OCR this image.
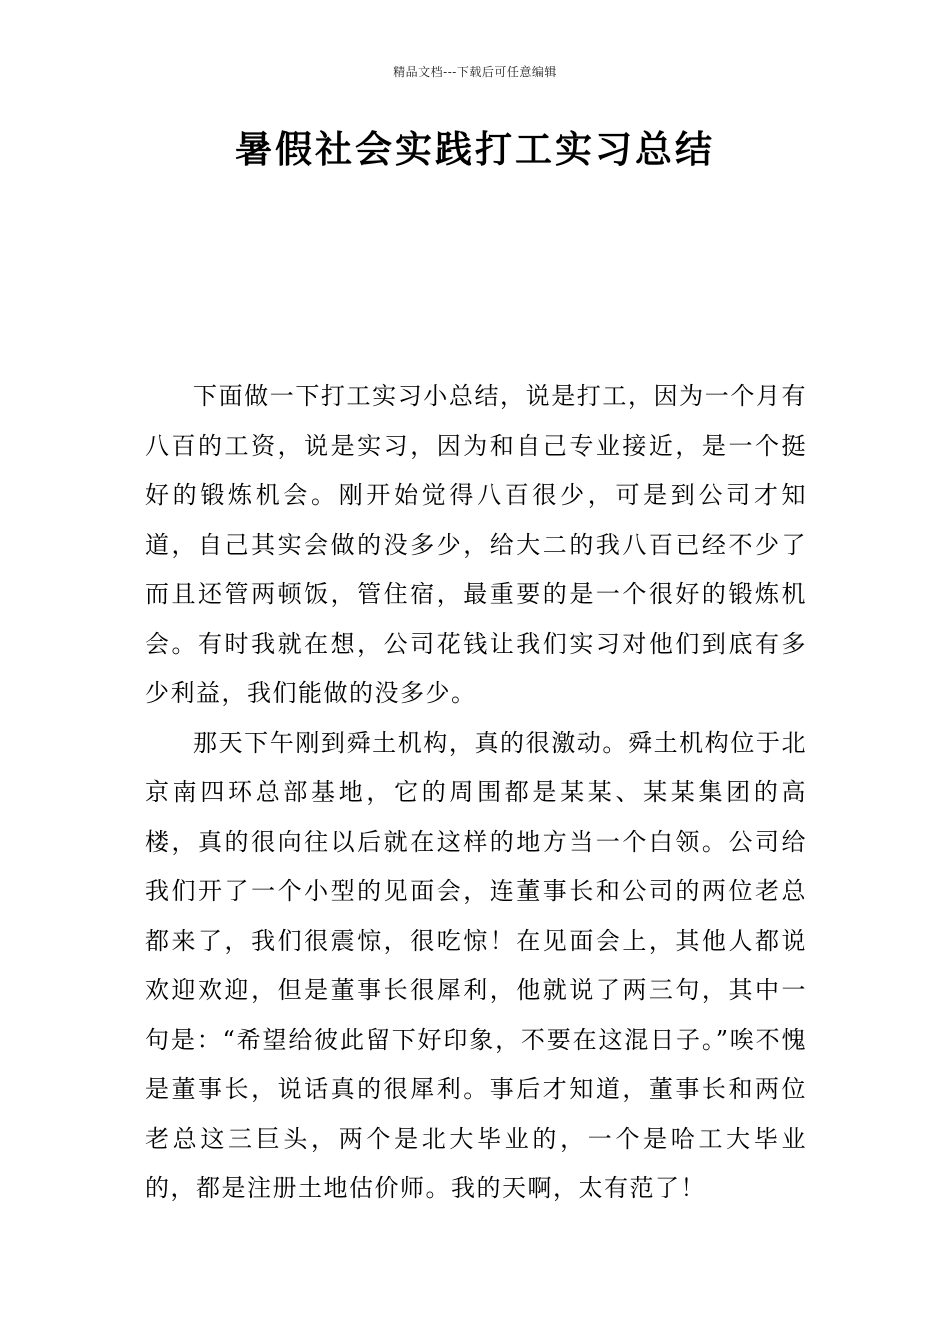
精品文档---下载后可任意编辑
暑假社会实践打工实习总结

下面做一下打工实习小总结，说是打工，因为一个月有八百的工资，说是实习，因为和自己专业接近，是一个挺好的锻炼机会。刚开始觉得八百很少，可是到公司才知道，自己其实会做的没多少，给大二的我八百已经不少了而且还管两顿饭，管住宿，最重要的是一个很好的锻炼机会。有时我就在想，公司花钱让我们实习对他们到底有多少利益，我们能做的没多少。

那天下午刚到舜土机构，真的很激动。舜土机构位于北京南四环总部基地，它的周围都是某某、某某集团的高楼，真的很向往以后就在这样的地方当一个白领。公司给我们开了一个小型的见面会，连董事长和公司的两位老总都来了，我们很震惊，很吃惊！在见面会上，其他人都说欢迎欢迎，但是董事长很犀利，他就说了两三句，其中一句是：“希望给彼此留下好印象，不要在这混日子。”唉不愧是董事长，说话真的很犀利。事后才知道，董事长和两位老总这三巨头，两个是北大毕业的，一个是哈工大毕业的，都是注册土地估价师。我的天啊，太有范了！
